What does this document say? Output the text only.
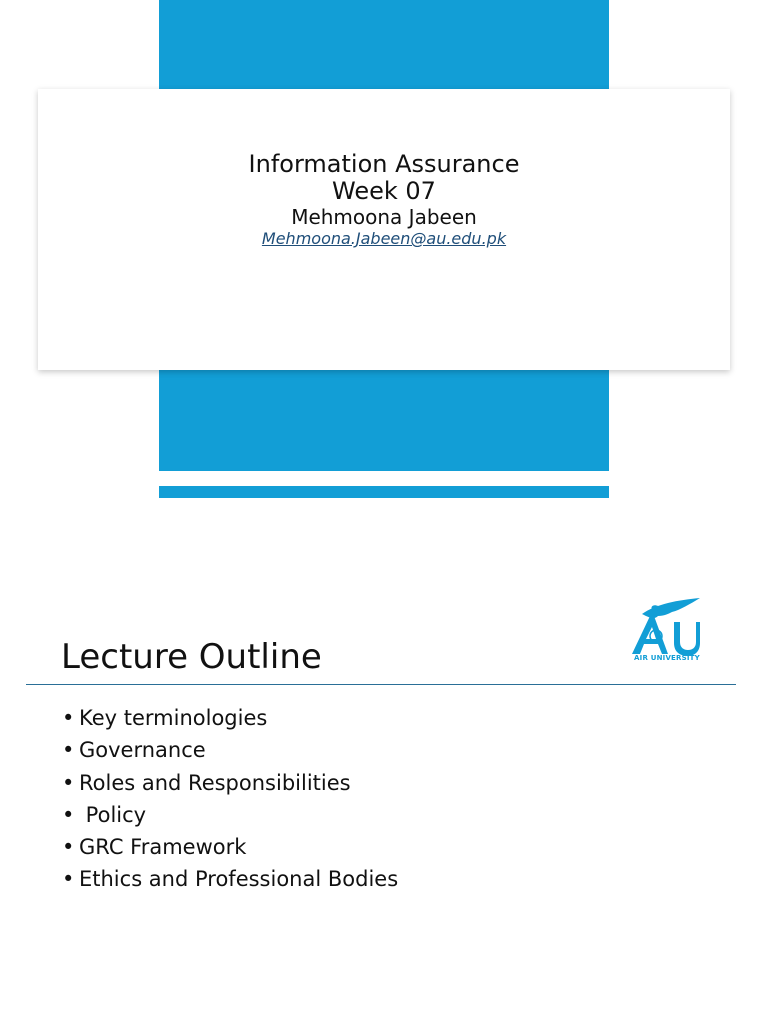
Information Assurance

Week 07

Mehmoona Jabeen

Mehmoona.Jabeen@au.edu.pk
Lecture Outline	AIR UNIVERSITY
• Key terminologies
• Governance
• Roles and Responsibilities
• Policy
• GRC Framework
• Ethics and Professional Bodies
